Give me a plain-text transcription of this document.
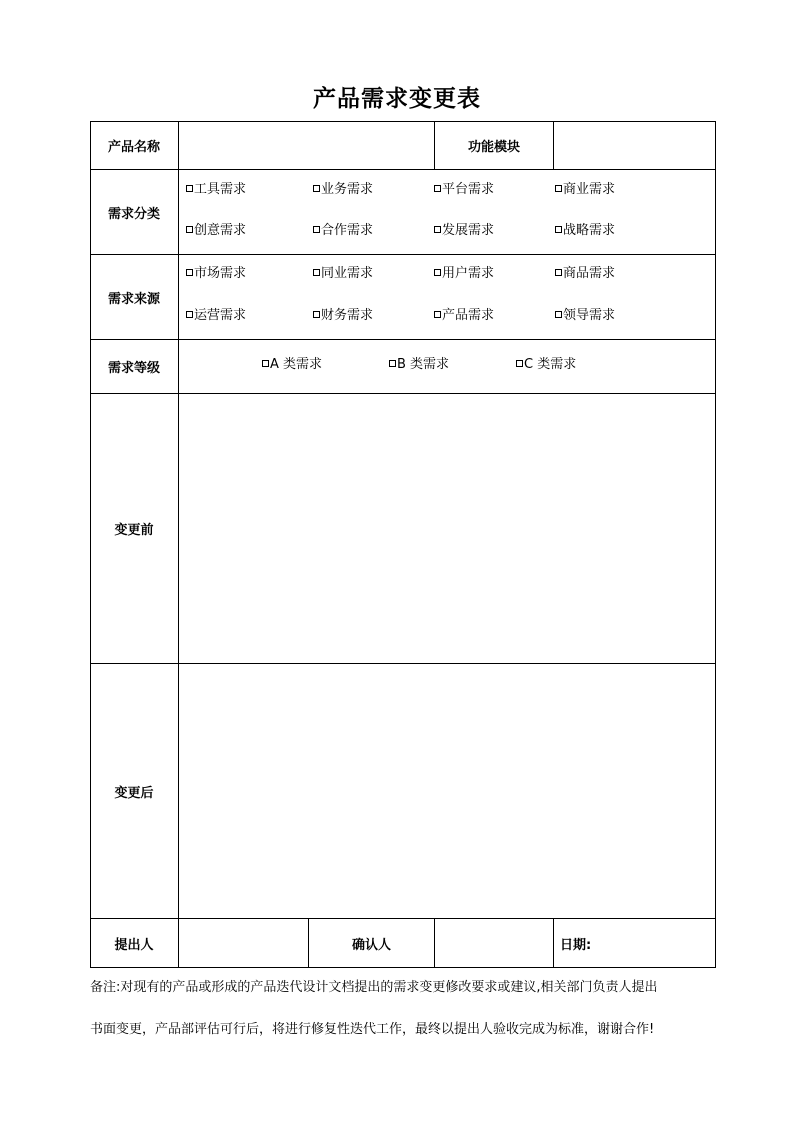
产品需求变更表
产品名称	功能模块
需求分类
工具需求	业务需求	平台需求	商业需求
创意需求	合作需求	发展需求	战略需求
需求来源
市场需求	同业需求	用户需求	商品需求
运营需求	财务需求	产品需求	领导需求
需求等级	A 类需求	B 类需求	C 类需求
变更前
变更后
提出人	确认人	日期:
备注:对现有的产品或形成的产品迭代设计文档提出的需求变更修改要求或建议,相关部门负责人提出
书面变更，产品部评估可行后，将进行修复性迭代工作，最终以提出人验收完成为标准，谢谢合作!
